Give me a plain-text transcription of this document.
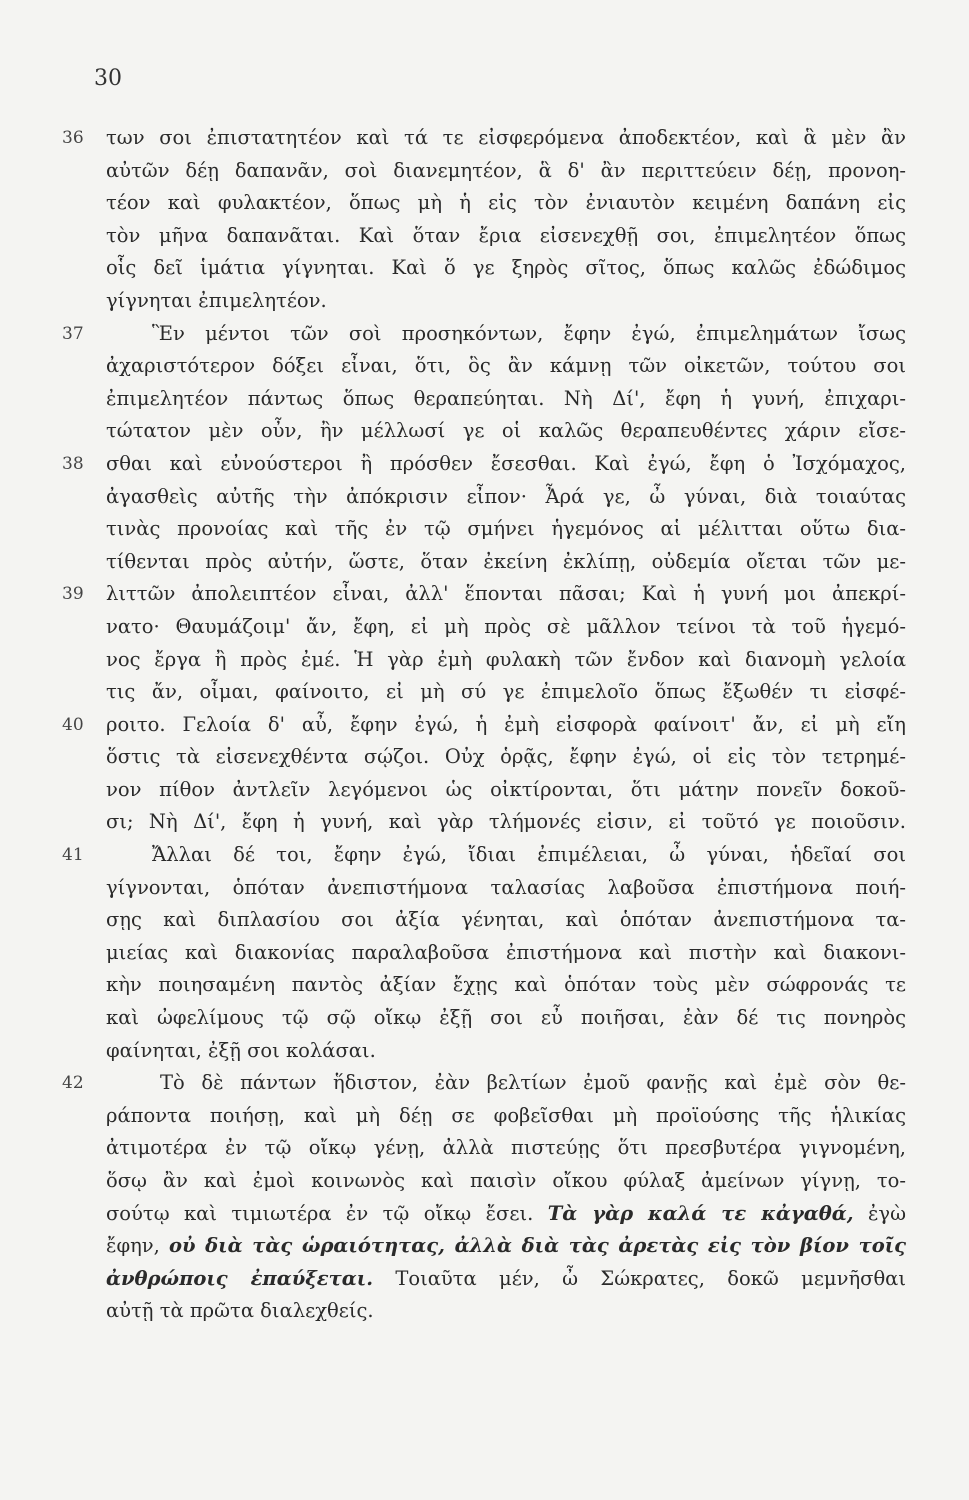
30
36	των σοι ἐπιστατητέον καὶ τά τε εἰσφερόμενα ἀποδεκτέον, καὶ ἃ μὲν ἂν
αὐτῶν δέῃ δαπανᾶν, σοὶ διανεμητέον, ἃ δ' ἂν περιττεύειν δέῃ, προνοη-
τέον καὶ φυλακτέον, ὅπως μὴ ἡ εἰς τὸν ἐνιαυτὸν κειμένη δαπάνη εἰς
τὸν μῆνα δαπανᾶται. Καὶ ὅταν ἔρια εἰσενεχθῇ σοι, ἐπιμελητέον ὅπως
οἷς δεῖ ἱμάτια γίγνηται. Καὶ ὅ γε ξηρὸς σῖτος, ὅπως καλῶς ἐδώδιμος
γίγνηται ἐπιμελητέον.
37	Ἓν μέντοι τῶν σοὶ προσηκόντων, ἔφην ἐγώ, ἐπιμελημάτων ἴσως
ἀχαριστότερον δόξει εἶναι, ὅτι, ὃς ἂν κάμνῃ τῶν οἰκετῶν, τούτου σοι
ἐπιμελητέον πάντως ὅπως θεραπεύηται. Νὴ Δί', ἔφη ἡ γυνή, ἐπιχαρι-
τώτατον μὲν οὖν, ἢν μέλλωσί γε οἱ καλῶς θεραπευθέντες χάριν εἴσε-
38	σθαι καὶ εὐνούστεροι ἢ πρόσθεν ἔσεσθαι. Καὶ ἐγώ, ἔφη ὁ Ἰσχόμαχος,
ἀγασθεὶς αὐτῆς τὴν ἀπόκρισιν εἶπον· Ἆρά γε, ὦ γύναι, διὰ τοιαύτας
τινὰς προνοίας καὶ τῆς ἐν τῷ σμήνει ἡγεμόνος αἱ μέλιτται οὕτω δια-
τίθενται πρὸς αὐτήν, ὥστε, ὅταν ἐκείνη ἐκλίπῃ, οὐδεμία οἴεται τῶν με-
39	λιττῶν ἀπολειπτέον εἶναι, ἀλλ' ἕπονται πᾶσαι; Καὶ ἡ γυνή μοι ἀπεκρί-
νατο· Θαυμάζοιμ' ἄν, ἔφη, εἰ μὴ πρὸς σὲ μᾶλλον τείνοι τὰ τοῦ ἡγεμό-
νος ἔργα ἢ πρὸς ἐμέ. Ἡ γὰρ ἐμὴ φυλακὴ τῶν ἔνδον καὶ διανομὴ γελοία
τις ἄν, οἶμαι, φαίνοιτο, εἰ μὴ σύ γε ἐπιμελοῖο ὅπως ἔξωθέν τι εἰσφέ-
40	ροιτο. Γελοία δ' αὖ, ἔφην ἐγώ, ἡ ἐμὴ εἰσφορὰ φαίνοιτ' ἄν, εἰ μὴ εἴη
ὅστις τὰ εἰσενεχθέντα σῴζοι. Οὐχ ὁρᾷς, ἔφην ἐγώ, οἱ εἰς τὸν τετρημέ-
νον πίθον ἀντλεῖν λεγόμενοι ὡς οἰκτίρονται, ὅτι μάτην πονεῖν δοκοῦ-
σι; Νὴ Δί', ἔφη ἡ γυνή, καὶ γὰρ τλήμονές εἰσιν, εἰ τοῦτό γε ποιοῦσιν.
41	Ἄλλαι δέ τοι, ἔφην ἐγώ, ἴδιαι ἐπιμέλειαι, ὦ γύναι, ἡδεῖαί σοι
γίγνονται, ὁπόταν ἀνεπιστήμονα ταλασίας λαβοῦσα ἐπιστήμονα ποιή-
σῃς καὶ διπλασίου σοι ἀξία γένηται, καὶ ὁπόταν ἀνεπιστήμονα τα-
μιείας καὶ διακονίας παραλαβοῦσα ἐπιστήμονα καὶ πιστὴν καὶ διακονι-
κὴν ποιησαμένη παντὸς ἀξίαν ἔχῃς καὶ ὁπόταν τοὺς μὲν σώφρονάς τε
καὶ ὠφελίμους τῷ σῷ οἴκῳ ἐξῇ σοι εὖ ποιῆσαι, ἐὰν δέ τις πονηρὸς
φαίνηται, ἐξῇ σοι κολάσαι.
42	Τὸ δὲ πάντων ἥδιστον, ἐὰν βελτίων ἐμοῦ φανῇς καὶ ἐμὲ σὸν θε-
ράποντα ποιήσῃ, καὶ μὴ δέῃ σε φοβεῖσθαι μὴ προϊούσης τῆς ἡλικίας
ἀτιμοτέρα ἐν τῷ οἴκῳ γένῃ, ἀλλὰ πιστεύῃς ὅτι πρεσβυτέρα γιγνομένη,
ὅσῳ ἂν καὶ ἐμοὶ κοινωνὸς καὶ παισὶν οἴκου φύλαξ ἀμείνων γίγνῃ, το-
σούτῳ καὶ τιμιωτέρα ἐν τῷ οἴκῳ ἔσει. Τὰ γὰρ καλά τε κἀγαθά, ἐγὼ
ἔφην, οὐ διὰ τὰς ὡραιότητας, ἀλλὰ διὰ τὰς ἀρετὰς εἰς τὸν βίον τοῖς
ἀνθρώποις ἐπαύξεται. Τοιαῦτα μέν, ὦ Σώκρατες, δοκῶ μεμνῆσθαι
αὐτῇ τὰ πρῶτα διαλεχθείς.
